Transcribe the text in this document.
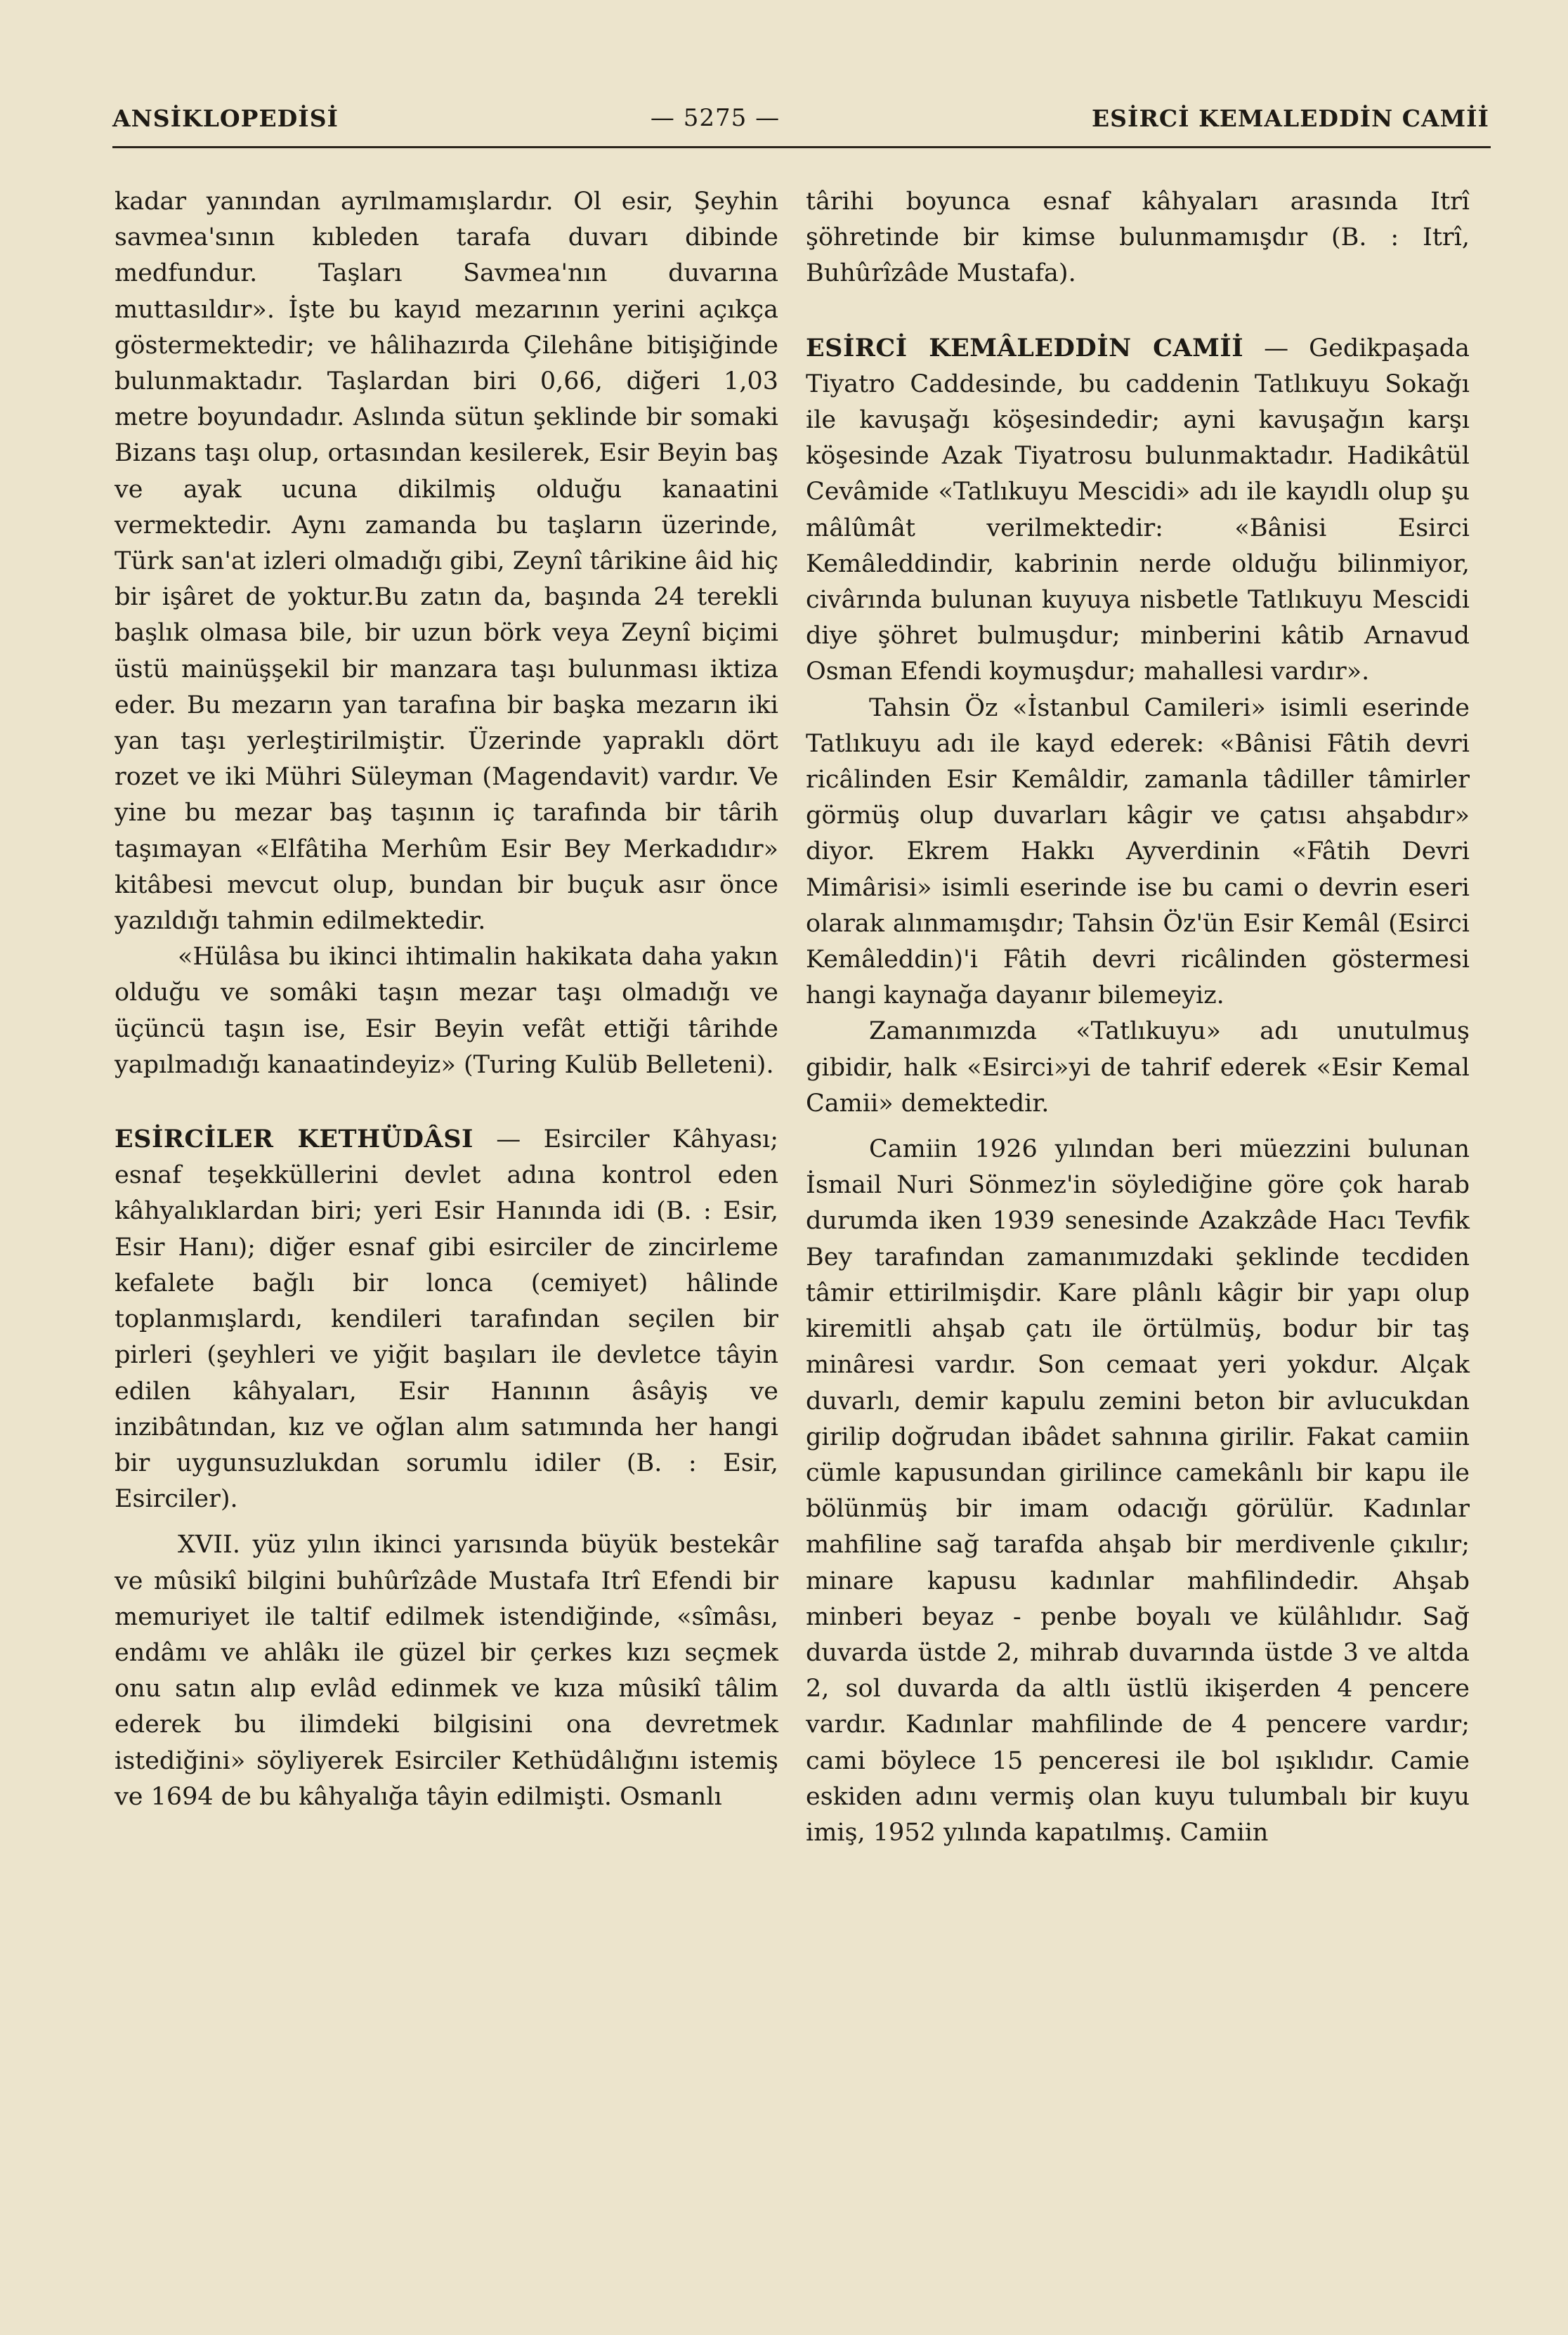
ANSİKLOPEDİSİ	— 5275 —	ESİRCİ KEMALEDDİN CAMİİ

kadar yanından ayrılmamışlardır. Ol esir, Şeyhin savmea'sının kıbleden tarafa duvarı dibinde medfundur. Taşları Savmea'nın duvarına muttasıldır». İşte bu kayıd mezarının yerini açıkça göstermektedir; ve hâlihazırda Çilehâne bitişiğinde bulunmaktadır. Taşlardan biri 0,66, diğeri 1,03 metre boyundadır. Aslında sütun şeklinde bir somaki Bizans taşı olup, ortasından kesilerek, Esir Beyin baş ve ayak ucuna dikilmiş olduğu kanaatini vermektedir. Aynı zamanda bu taşların üzerinde, Türk san'at izleri olmadığı gibi, Zeynî târikine âid hiç bir işâret de yoktur.Bu zatın da, başında 24 terekli başlık olmasa bile, bir uzun börk veya Zeynî biçimi üstü mainüşşekil bir manzara taşı bulunması iktiza eder. Bu mezarın yan tarafına bir başka mezarın iki yan taşı yerleştirilmiştir. Üzerinde yapraklı dört rozet ve iki Mühri Süleyman (Magendavit) vardır. Ve yine bu mezar baş taşının iç tarafında bir târih taşımayan «Elfâtiha Merhûm Esir Bey Merkadıdır» kitâbesi mevcut olup, bundan bir buçuk asır önce yazıldığı tahmin edilmektedir.

«Hülâsa bu ikinci ihtimalin hakikata daha yakın olduğu ve somâki taşın mezar taşı olmadığı ve üçüncü taşın ise, Esir Beyin vefât ettiği târihde yapılmadığı kanaatindeyiz» (Turing Kulüb Belleteni).

ESİRCİLER KETHÜDÂSI — Esirciler Kâhyası; esnaf teşekküllerini devlet adına kontrol eden kâhyalıklardan biri; yeri Esir Hanında idi (B. : Esir, Esir Hanı); diğer esnaf gibi esirciler de zincirleme kefalete bağlı bir lonca (cemiyet) hâlinde toplanmışlardı, kendileri tarafından seçilen bir pirleri (şeyhleri ve yiğit başıları ile devletce tâyin edilen kâhyaları, Esir Hanının âsâyiş ve inzibâtından, kız ve oğlan alım satımında her hangi bir uygunsuzlukdan sorumlu idiler (B. : Esir, Esirciler).

XVII. yüz yılın ikinci yarısında büyük bestekâr ve mûsikî bilgini buhûrîzâde Mustafa Itrî Efendi bir memuriyet ile taltif edilmek istendiğinde, «sîmâsı, endâmı ve ahlâkı ile güzel bir çerkes kızı seçmek onu satın alıp evlâd edinmek ve kıza mûsikî tâlim ederek bu ilimdeki bilgisini ona devretmek istediğini» söyliyerek Esirciler Kethüdâlığını istemiş ve 1694 de bu kâhyalığa tâyin edilmişti. Osmanlı

târihi boyunca esnaf kâhyaları arasında Itrî şöhretinde bir kimse bulunmamışdır (B. : Itrî, Buhûrîzâde Mustafa).

ESİRCİ KEMÂLEDDİN CAMİİ — Gedikpaşada Tiyatro Caddesinde, bu caddenin Tatlıkuyu Sokağı ile kavuşağı köşesindedir; ayni kavuşağın karşı köşesinde Azak Tiyatrosu bulunmaktadır. Hadikâtül Cevâmide «Tatlıkuyu Mescidi» adı ile kayıdlı olup şu mâlûmât verilmektedir: «Bânisi Esirci Kemâleddindir, kabrinin nerde olduğu bilinmiyor, civârında bulunan kuyuya nisbetle Tatlıkuyu Mescidi diye şöhret bulmuşdur; minberini kâtib Arnavud Osman Efendi koymuşdur; mahallesi vardır».

Tahsin Öz «İstanbul Camileri» isimli eserinde Tatlıkuyu adı ile kayd ederek: «Bânisi Fâtih devri ricâlinden Esir Kemâldir, zamanla tâdiller tâmirler görmüş olup duvarları kâgir ve çatısı ahşabdır» diyor. Ekrem Hakkı Ayverdinin «Fâtih Devri Mimârisi» isimli eserinde ise bu cami o devrin eseri olarak alınmamışdır; Tahsin Öz'ün Esir Kemâl (Esirci Kemâleddin)'i Fâtih devri ricâlinden göstermesi hangi kaynağa dayanır bilemeyiz.

Zamanımızda «Tatlıkuyu» adı unutulmuş gibidir, halk «Esirci»yi de tahrif ederek «Esir Kemal Camii» demektedir.

Camiin 1926 yılından beri müezzini bulunan İsmail Nuri Sönmez'in söylediğine göre çok harab durumda iken 1939 senesinde Azakzâde Hacı Tevfik Bey tarafından zamanımızdaki şeklinde tecdiden tâmir ettirilmişdir. Kare plânlı kâgir bir yapı olup kiremitli ahşab çatı ile örtülmüş, bodur bir taş minâresi vardır. Son cemaat yeri yokdur. Alçak duvarlı, demir kapulu zemini beton bir avlucukdan girilip doğrudan ibâdet sahnına girilir. Fakat camiin cümle kapusundan girilince camekânlı bir kapu ile bölünmüş bir imam odacığı görülür. Kadınlar mahfiline sağ tarafda ahşab bir merdivenle çıkılır; minare kapusu kadınlar mahfilindedir. Ahşab minberi beyaz - penbe boyalı ve külâhlıdır. Sağ duvarda üstde 2, mihrab duvarında üstde 3 ve altda 2, sol duvarda da altlı üstlü ikişerden 4 pencere vardır. Kadınlar mahfilinde de 4 pencere vardır; cami böylece 15 penceresi ile bol ışıklıdır. Camie eskiden adını vermiş olan kuyu tulumbalı bir kuyu imiş, 1952 yılında kapatılmış. Camiin
